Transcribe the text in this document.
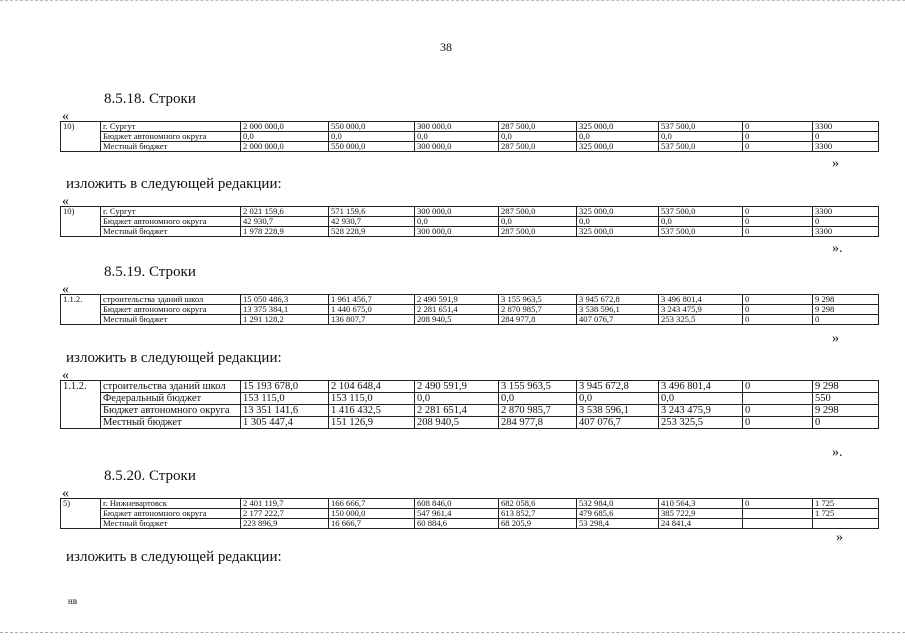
38
8.5.18. Строки
«
10)	г. Сургут	2 000 000,0	550 000,0	300 000,0	287 500,0	325 000,0	537 500,0	0	3300
	Бюджет автономного округа	0,0	0,0	0,0	0,0	0,0	0,0	0	0
	Местный бюджет	2 000 000,0	550 000,0	300 000,0	287 500,0	325 000,0	537 500,0	0	3300
»
изложить в следующей редакции:
«
10)	г. Сургут	2 021 159,6	571 159,6	300 000,0	287 500,0	325 000,0	537 500,0	0	3300
	Бюджет автономного округа	42 930,7	42 930,7	0,0	0,0	0,0	0,0	0	0
	Местный бюджет	1 978 228,9	528 228,9	300 000,0	287 500,0	325 000,0	537 500,0	0	3300
».
8.5.19. Строки
«
1.1.2.	строительства зданий школ	15 050 486,3	1 961 456,7	2 490 591,9	3 155 963,5	3 945 672,8	3 496 801,4	0	9 298
	Бюджет автономного округа	13 375 384,1	1 440 675,0	2 281 651,4	2 870 985,7	3 538 596,1	3 243 475,9	0	9 298
	Местный бюджет	1 291 128,2	136 807,7	208 940,5	284 977,8	407 076,7	253 325,5	0	0
»
изложить в следующей редакции:
«
1.1.2.	строительства зданий школ	15 193 678,0	2 104 648,4	2 490 591,9	3 155 963,5	3 945 672,8	3 496 801,4	0	9 298
	Федеральный бюджет	153 115,0	153 115,0	0,0	0,0	0,0	0,0		550
	Бюджет автономного округа	13 351 141,6	1 416 432,5	2 281 651,4	2 870 985,7	3 538 596,1	3 243 475,9	0	9 298
	Местный бюджет	1 305 447,4	151 126,9	208 940,5	284 977,8	407 076,7	253 325,5	0	0
».
8.5.20. Строки
«
5)	г. Нижневартовск	2 401 119,7	166 666,7	608 846,0	682 058,6	532 984,0	410 564,3	0	1 725
	Бюджет автономного округа	2 177 222,7	150 000,0	547 961,4	613 852,7	479 685,6	385 722,9		1 725
	Местный бюджет	223 896,9	16 666,7	60 884,6	68 205,9	53 298,4	24 841,4		
»
изложить в следующей редакции:
нв
